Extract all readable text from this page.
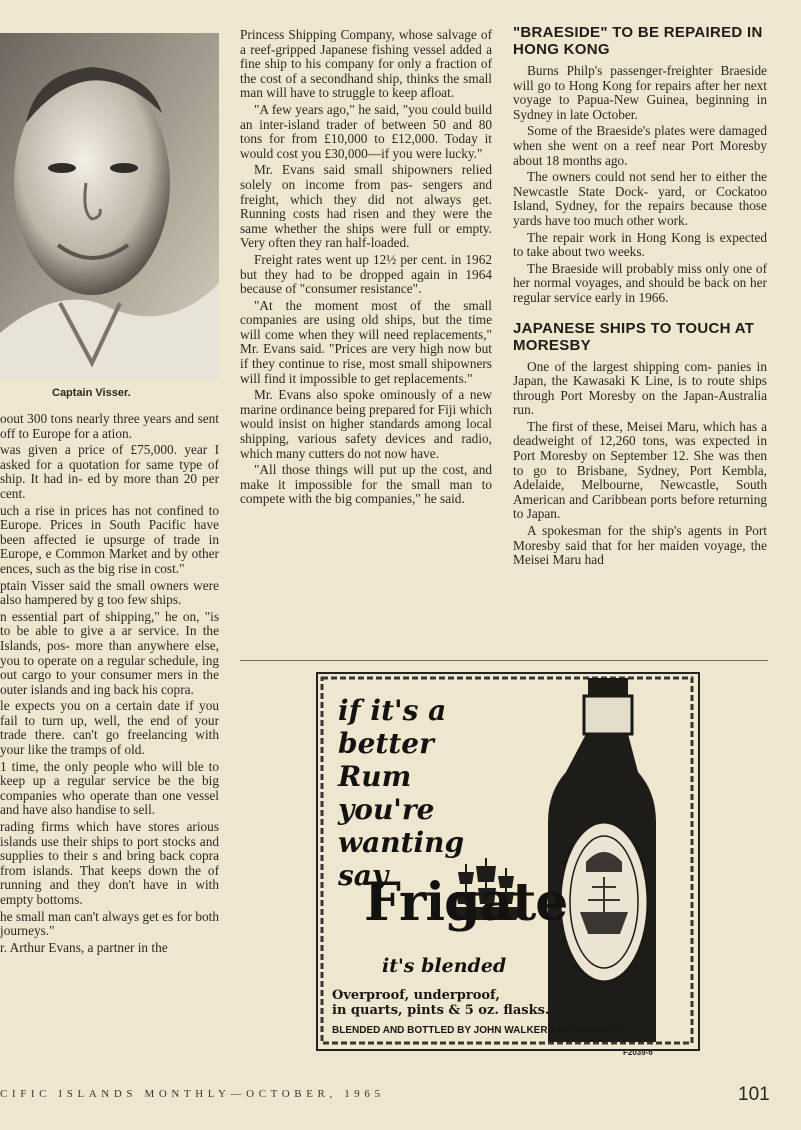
Captain Visser.

oout 300 tons nearly three years and sent off to Europe for a ation.

was given a price of £75,000. year I asked for a quotation for same type of ship. It had in- ed by more than 20 per cent.

uch a rise in prices has not confined to Europe. Prices in South Pacific have been affected ie upsurge of trade in Europe, e Common Market and by other ences, such as the big rise in cost."

ptain Visser said the small owners were also hampered by g too few ships.

n essential part of shipping," he on, "is to be able to give a ar service. In the Islands, pos- more than anywhere else, you to operate on a regular schedule, ing out cargo to your consumer mers in the outer islands and ing back his copra.

le expects you on a certain date if you fail to turn up, well, the end of your trade there. can't go freelancing with your like the tramps of old.

1 time, the only people who will ble to keep up a regular service be the big companies who operate than one vessel and have also handise to sell.

rading firms which have stores arious islands use their ships to port stocks and supplies to their s and bring back copra from islands. That keeps down the of running and they don't have in with empty bottoms.

he small man can't always get es for both journeys."

r. Arthur Evans, a partner in the

Princess Shipping Company, whose salvage of a reef-gripped Japanese fishing vessel added a fine ship to his company for only a fraction of the cost of a secondhand ship, thinks the small man will have to struggle to keep afloat.

"A few years ago," he said, "you could build an inter-island trader of between 50 and 80 tons for from £10,000 to £12,000. Today it would cost you £30,000—if you were lucky."

Mr. Evans said small shipowners relied solely on income from pas- sengers and freight, which they did not always get. Running costs had risen and they were the same whether the ships were full or empty. Very often they ran half-loaded.

Freight rates went up 12½ per cent. in 1962 but they had to be dropped again in 1964 because of "consumer resistance".

"At the moment most of the small companies are using old ships, but the time will come when they will need replacements," Mr. Evans said. "Prices are very high now but if they continue to rise, most small shipowners will find it impossible to get replacements."

Mr. Evans also spoke ominously of a new marine ordinance being prepared for Fiji which would insist on higher standards among local shipping, various safety devices and radio, which many cutters do not now have.

"All those things will put up the cost, and make it impossible for the small man to compete with the big companies," he said.

"BRAESIDE" TO BE REPAIRED IN HONG KONG

Burns Philp's passenger-freighter Braeside will go to Hong Kong for repairs after her next voyage to Papua-New Guinea, beginning in Sydney in late October.

Some of the Braeside's plates were damaged when she went on a reef near Port Moresby about 18 months ago.

The owners could not send her to either the Newcastle State Dock- yard, or Cockatoo Island, Sydney, for the repairs because those yards have too much other work.

The repair work in Hong Kong is expected to take about two weeks.

The Braeside will probably miss only one of her normal voyages, and should be back on her regular service early in 1966.

JAPANESE SHIPS TO TOUCH AT MORESBY

One of the largest shipping com- panies in Japan, the Kawasaki K Line, is to route ships through Port Moresby on the Japan-Australia run.

The first of these, Meisei Maru, which has a deadweight of 12,260 tons, was expected in Port Moresby on September 12. She was then to go to Brisbane, Sydney, Port Kembla, Adelaide, Melbourne, Newcastle, South American and Caribbean ports before returning to Japan.

A spokesman for the ship's agents in Port Moresby said that for her maiden voyage, the Meisei Maru had

if it's a
better
Rum
you're
wanting
say
Frigate
it's blended
Overproof, underproof,
in quarts, pints & 5 oz. flasks.
BLENDED AND BOTTLED BY JOHN WALKER AND SONS LTD.
F2039-6
CIFIC ISLANDS MONTHLY—OCTOBER, 1965	101
